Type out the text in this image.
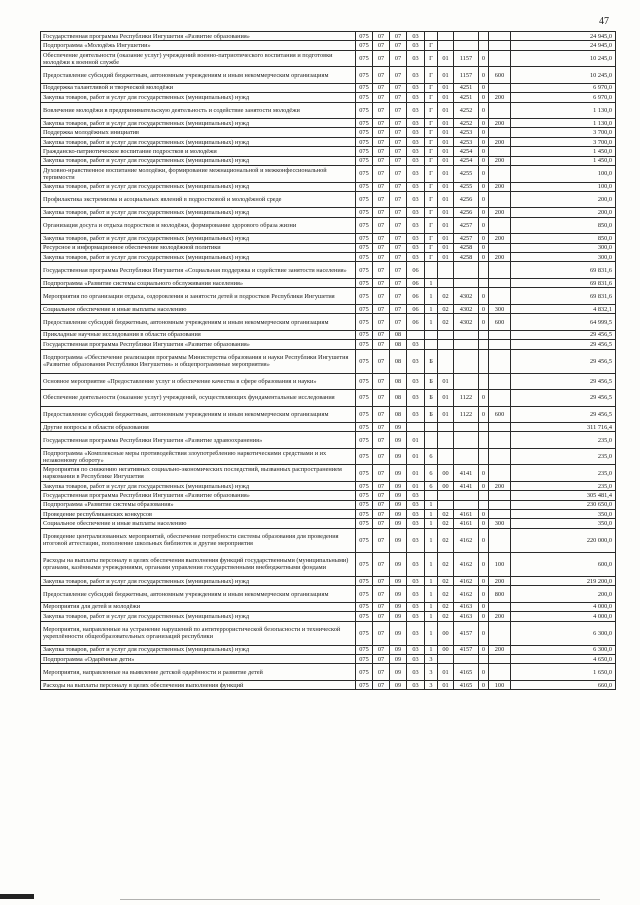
47
Государственная программа Республики Ингушетия «Развитие образования»	075	07	07	03						24 945,0
Подпрограмма «Молодёжь Ингушетии»	075	07	07	03	Г					24 945,0
Обеспечение деятельности (оказание услуг) учреждений военно-патриотического воспитания и подготовки молодёжи к военной службе	075	07	07	03	Г	01	1157	0		10 245,0
Предоставление субсидий бюджетным, автономным учреждениям и иным некоммерческим организациям	075	07	07	03	Г	01	1157	0	600	10 245,0
Поддержка талантливой и творческой молодёжи	075	07	07	03	Г	01	4251	0		6 970,0
Закупка товаров, работ и услуг для государственных (муниципальных) нужд	075	07	07	03	Г	01	4251	0	200	6 970,0
Вовлечение молодёжи в предпринимательскую деятельность и содействие занятости молодёжи	075	07	07	03	Г	01	4252	0		1 130,0
Закупка товаров, работ и услуг для государственных (муниципальных) нужд	075	07	07	03	Г	01	4252	0	200	1 130,0
Поддержка молодёжных инициатив	075	07	07	03	Г	01	4253	0		3 700,0
Закупка товаров, работ и услуг для государственных (муниципальных) нужд	075	07	07	03	Г	01	4253	0	200	3 700,0
Гражданско-патриотическое воспитание подростков и молодёжи	075	07	07	03	Г	01	4254	0		1 450,0
Закупка товаров, работ и услуг для государственных (муниципальных) нужд	075	07	07	03	Г	01	4254	0	200	1 450,0
Духовно-нравственное воспитание молодёжи, формирование межнациональной и межконфессиональной терпимости	075	07	07	03	Г	01	4255	0		100,0
Закупка товаров, работ и услуг для государственных (муниципальных) нужд	075	07	07	03	Г	01	4255	0	200	100,0
Профилактика экстремизма и асоциальных явлений в подростковой и молодёжной среде	075	07	07	03	Г	01	4256	0		200,0
Закупка товаров, работ и услуг для государственных (муниципальных) нужд	075	07	07	03	Г	01	4256	0	200	200,0
Организация досуга и отдыха подростков и молодёжи, формирование здорового образа жизни	075	07	07	03	Г	01	4257	0		850,0
Закупка товаров, работ и услуг для государственных (муниципальных) нужд	075	07	07	03	Г	01	4257	0	200	850,0
Ресурсное и информационное обеспечение молодёжной политики	075	07	07	03	Г	01	4258	0		300,0
Закупка товаров, работ и услуг для государственных (муниципальных) нужд	075	07	07	03	Г	01	4258	0	200	300,0
Государственная программа Республики Ингушетия «Социальная поддержка и содействие занятости населения»	075	07	07	06						69 831,6
Подпрограмма «Развитие системы социального обслуживания населения»	075	07	07	06	1					69 831,6
Мероприятия по организации отдыха, оздоровления и занятости детей и подростков Республики Ингушетия	075	07	07	06	1	02	4302	0		69 831,6
Социальное обеспечение и иные выплаты населению	075	07	07	06	1	02	4302	0	300	4 832,1
Предоставление субсидий бюджетным, автономным учреждениям и иным некоммерческим организациям	075	07	07	06	1	02	4302	0	600	64 999,5
Прикладные научные исследования в области образования	075	07	08							29 456,5
Государственная программа Республики Ингушетия «Развитие образования»	075	07	08	03						29 456,5
Подпрограмма «Обеспечение реализации программы Министерства образования и науки Республики Ингушетия «Развитие образования Республики Ингушетия» и общепрограммные мероприятия»	075	07	08	03	Б					29 456,5
Основное мероприятие «Предоставление услуг и обеспечение качества в сфере образования и науки»	075	07	08	03	Б	01				29 456,5
Обеспечение деятельности (оказание услуг) учреждений, осуществляющих фундаментальные исследования	075	07	08	03	Б	01	1122	0		29 456,5
Предоставление субсидий бюджетным, автономным учреждениям и иным некоммерческим организациям	075	07	08	03	Б	01	1122	0	600	29 456,5
Другие вопросы в области образования	075	07	09							311 716,4
Государственная программа Республики Ингушетия «Развитие здравоохранения»	075	07	09	01						235,0
Подпрограмма «Комплексные меры противодействия злоупотреблению наркотическими средствами и их незаконному обороту»	075	07	09	01	6					235,0
Мероприятия по снижению негативных социально-экономических последствий, вызванных распространением наркомании в Республике Ингушетия	075	07	09	01	6	00	4141	0		235,0
Закупка товаров, работ и услуг для государственных (муниципальных) нужд	075	07	09	01	6	00	4141	0	200	235,0
Государственная программа Республики Ингушетия «Развитие образования»	075	07	09	03						305 481,4
Подпрограмма «Развитие системы образования»	075	07	09	03	1					230 650,0
Проведение республиканских конкурсов	075	07	09	03	1	02	4161	0		350,0
Социальное обеспечение и иные выплаты населению	075	07	09	03	1	02	4161	0	300	350,0
Проведение централизованных мероприятий, обеспечение потребности системы образования для проведения итоговой аттестации, пополнение школьных библиотек и другие мероприятия	075	07	09	03	1	02	4162	0		220 000,0
Расходы на выплаты персоналу в целях обеспечения выполнения функций государственными (муниципальными) органами, казёнными учреждениями, органами управления государственными внебюджетными фондами	075	07	09	03	1	02	4162	0	100	600,0
Закупка товаров, работ и услуг для государственных (муниципальных) нужд	075	07	09	03	1	02	4162	0	200	219 200,0
Предоставление субсидий бюджетным, автономным учреждениям и иным некоммерческим организациям	075	07	09	03	1	02	4162	0	800	200,0
Мероприятия для детей и молодёжи	075	07	09	03	1	02	4163	0		4 000,0
Закупка товаров, работ и услуг для государственных (муниципальных) нужд	075	07	09	03	1	02	4163	0	200	4 000,0
Мероприятия, направленные на устранение нарушений по антитеррористической безопасности и технической укреплённости общеобразовательных организаций республики	075	07	09	03	1	00	4157	0		6 300,0
Закупка товаров, работ и услуг для государственных (муниципальных) нужд	075	07	09	03	1	00	4157	0	200	6 300,0
Подпрограмма «Одарённые дети»	075	07	09	03	3					4 650,0
Мероприятия, направленные на выявление детской одарённости и развитие детей	075	07	09	03	3	01	4165	0		1 650,0
Расходы на выплаты персоналу в целях обеспечения выполнения функций	075	07	09	03	3	01	4165	0	100	660,0
